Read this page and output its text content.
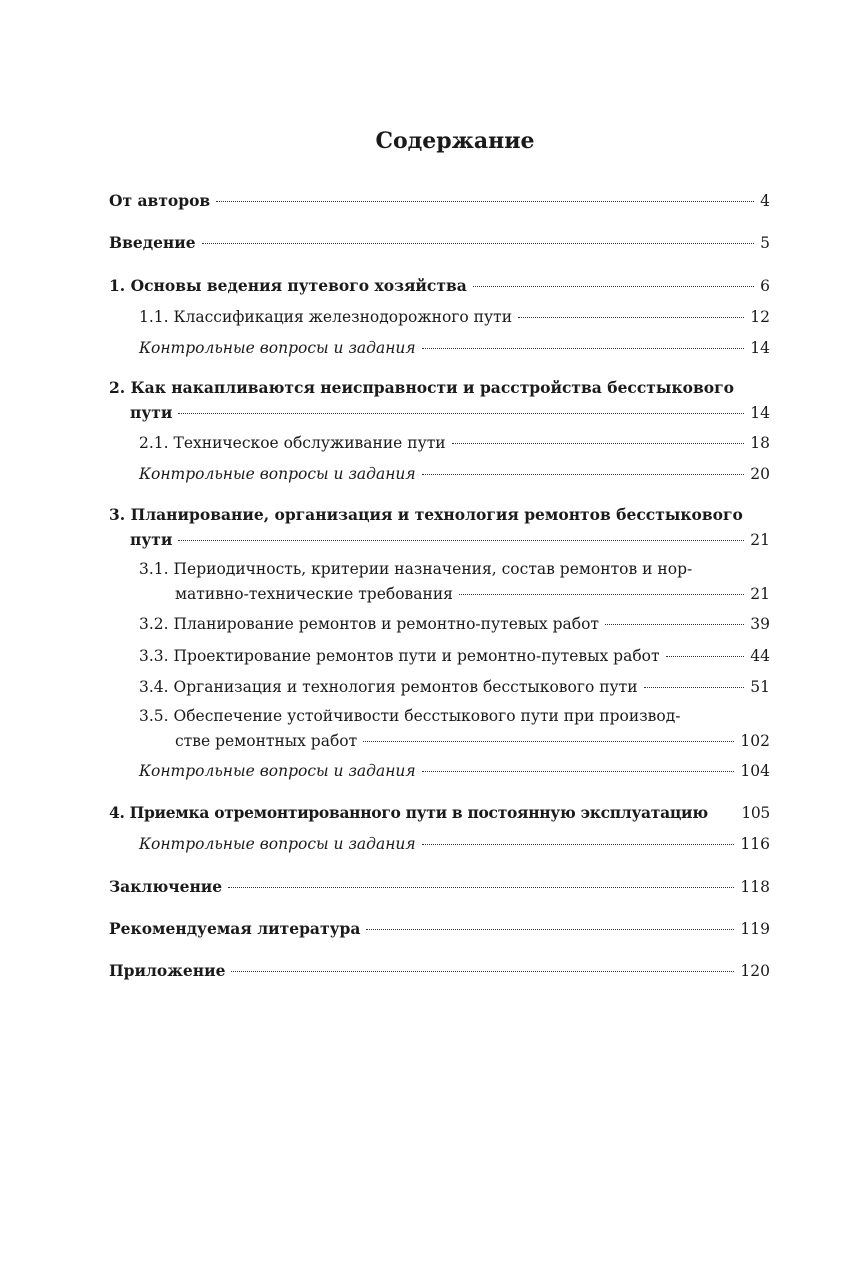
Содержание
От авторов	4
Введение	5
1. Основы ведения путевого хозяйства	6
1.1. Классификация железнодорожного пути	12
Контрольные вопросы и задания	14
2. Как накапливаются неисправности и расстройства бесстыкового
пути	14
2.1. Техническое обслуживание пути	18
Контрольные вопросы и задания	20
3. Планирование, организация и технология ремонтов бесстыкового
пути	21
3.1. Периодичность, критерии назначения, состав ремонтов и нор-
мативно-технические требования	21
3.2. Планирование ремонтов и ремонтно-путевых работ	39
3.3. Проектирование ремонтов пути и ремонтно-путевых работ	44
3.4. Организация и технология ремонтов бесстыкового пути	51
3.5. Обеспечение устойчивости бесстыкового пути при производ-
стве ремонтных работ	102
Контрольные вопросы и задания	104
4. Приемка отремонтированного пути в постоянную эксплуатацию 105
Контрольные вопросы и задания	116
Заключение	118
Рекомендуемая литература	119
Приложение	120
